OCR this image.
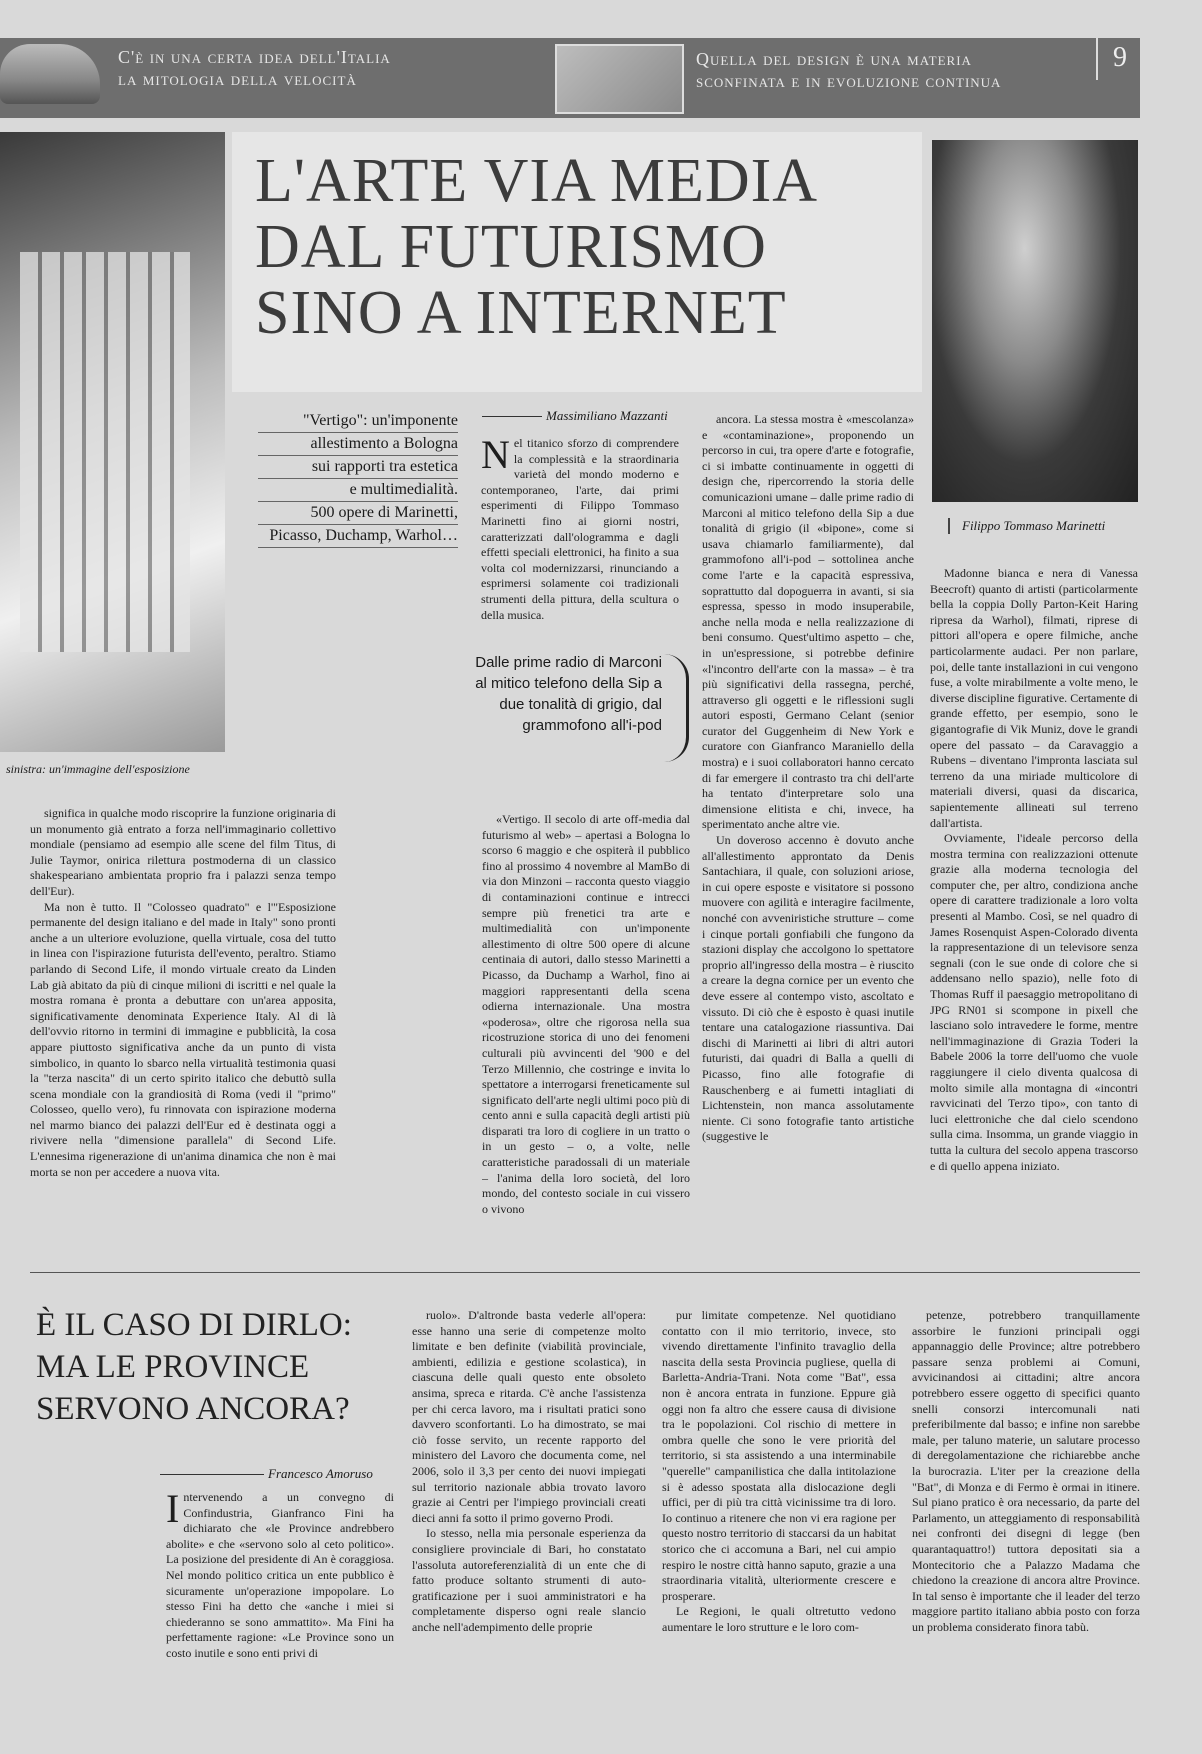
C'è in una certa idea dell'Italia
la mitologia della velocità
Quella del design è una materia
sconfinata e in evoluzione continua
9
sinistra: un'immagine dell'esposizione
L'ARTE VIA MEDIA
DAL FUTURISMO
SINO A INTERNET
Filippo Tommaso Marinetti
"Vertigo": un'imponente
allestimento a Bologna
sui rapporti tra estetica
e multimedialità.
500 opere di Marinetti,
Picasso, Duchamp, Warhol…
Massimiliano Mazzanti
Nel titanico sforzo di comprendere la complessità e la straordinaria varietà del mondo moderno e contemporaneo, l'arte, dai primi esperimenti di Filippo Tommaso Marinetti fino ai giorni nostri, caratterizzati dall'ologramma e dagli effetti speciali elettronici, ha finito a sua volta col modernizzarsi, rinunciando a esprimersi solamente coi tradizionali strumenti della pittura, della scultura o della musica.
Dalle prime radio di Marconi al mitico telefono della Sip a due tonalità di grigio, dal grammofono all'i-pod

ancora. La stessa mostra è «mescolanza» e «contaminazione», proponendo un percorso in cui, tra opere d'arte e fotografie, ci si imbatte continuamente in oggetti di design che, ripercorrendo la storia delle comunicazioni umane – dalle prime radio di Marconi al mitico telefono della Sip a due tonalità di grigio (il «bipone», come si usava chiamarlo familiarmente), dal grammofono all'i-pod – sottolinea anche come l'arte e la capacità espressiva, soprattutto dal dopoguerra in avanti, si sia espressa, spesso in modo insuperabile, anche nella moda e nella realizzazione di beni consumo. Quest'ultimo aspetto – che, in un'espressione, si potrebbe definire «l'incontro dell'arte con la massa» – è tra più significativi della rassegna, perché, attraverso gli oggetti e le riflessioni sugli autori esposti, Germano Celant (senior curator del Guggenheim di New York e curatore con Gianfranco Maraniello della mostra) e i suoi collaboratori hanno cercato di far emergere il contrasto tra chi dell'arte ha tentato d'interpretare solo una dimensione elitista e chi, invece, ha sperimentato anche altre vie.

Un doveroso accenno è dovuto anche all'allestimento approntato da Denis Santachiara, il quale, con soluzioni ariose, in cui opere esposte e visitatore si possono muovere con agilità e interagire facilmente, nonché con avveniristiche strutture – come i cinque portali gonfiabili che fungono da stazioni display che accolgono lo spettatore proprio all'ingresso della mostra – è riuscito a creare la degna cornice per un evento che deve essere al contempo visto, ascoltato e vissuto. Di ciò che è esposto è quasi inutile tentare una catalogazione riassuntiva. Dai dischi di Marinetti ai libri di altri autori futuristi, dai quadri di Balla a quelli di Picasso, fino alle fotografie di Rauschenberg e ai fumetti intagliati di Lichtenstein, non manca assolutamente niente. Ci sono fotografie tanto artistiche (suggestive le

Madonne bianca e nera di Vanessa Beecroft) quanto di artisti (particolarmente bella la coppia Dolly Parton-Keit Haring ripresa da Warhol), filmati, riprese di pittori all'opera e opere filmiche, anche particolarmente audaci. Per non parlare, poi, delle tante installazioni in cui vengono fuse, a volte mirabilmente a volte meno, le diverse discipline figurative. Certamente di grande effetto, per esempio, sono le gigantografie di Vik Muniz, dove le grandi opere del passato – da Caravaggio a Rubens – diventano l'impronta lasciata sul terreno da una miriade multicolore di materiali diversi, quasi da discarica, sapientemente allineati sul terreno dall'artista.

Ovviamente, l'ideale percorso della mostra termina con realizzazioni ottenute grazie alla moderna tecnologia del computer che, per altro, condiziona anche opere di carattere tradizionale a loro volta presenti al Mambo. Così, se nel quadro di James Rosenquist Aspen-Colorado diventa la rappresentazione di un televisore senza segnali (con le sue onde di colore che si addensano nello spazio), nelle foto di Thomas Ruff il paesaggio metropolitano di JPG RN01 si scompone in pixell che lasciano solo intravedere le forme, mentre nell'immaginazione di Grazia Toderi la Babele 2006 la torre dell'uomo che vuole raggiungere il cielo diventa qualcosa di molto simile alla montagna di «incontri ravvicinati del Terzo tipo», con tanto di luci elettroniche che dal cielo scendono sulla cima. Insomma, un grande viaggio in tutta la cultura del secolo appena trascorso e di quello appena iniziato.

significa in qualche modo riscoprire la funzione originaria di un monumento già entrato a forza nell'immaginario collettivo mondiale (pensiamo ad esempio alle scene del film Titus, di Julie Taymor, onirica rilettura postmoderna di un classico shakespeariano ambientata proprio fra i palazzi senza tempo dell'Eur).

Ma non è tutto. Il "Colosseo quadrato" e l'"Esposizione permanente del design italiano e del made in Italy" sono pronti anche a un ulteriore evoluzione, quella virtuale, cosa del tutto in linea con l'ispirazione futurista dell'evento, peraltro. Stiamo parlando di Second Life, il mondo virtuale creato da Linden Lab già abitato da più di cinque milioni di iscritti e nel quale la mostra romana è pronta a debuttare con un'area apposita, significativamente denominata Experience Italy. Al di là dell'ovvio ritorno in termini di immagine e pubblicità, la cosa appare piuttosto significativa anche da un punto di vista simbolico, in quanto lo sbarco nella virtualità testimonia quasi la "terza nascita" di un certo spirito italico che debuttò sulla scena mondiale con la grandiosità di Roma (vedi il "primo" Colosseo, quello vero), fu rinnovata con ispirazione moderna nel marmo bianco dei palazzi dell'Eur ed è destinata oggi a rivivere nella "dimensione parallela" di Second Life. L'ennesima rigenerazione di un'anima dinamica che non è mai morta se non per accedere a nuova vita.

«Vertigo. Il secolo di arte off-media dal futurismo al web» – apertasi a Bologna lo scorso 6 maggio e che ospiterà il pubblico fino al prossimo 4 novembre al MamBo di via don Minzoni – racconta questo viaggio di contaminazioni continue e intrecci sempre più frenetici tra arte e multimedialità con un'imponente allestimento di oltre 500 opere di alcune centinaia di autori, dallo stesso Marinetti a Picasso, da Duchamp a Warhol, fino ai maggiori rappresentanti della scena odierna internazionale. Una mostra «poderosa», oltre che rigorosa nella sua ricostruzione storica di uno dei fenomeni culturali più avvincenti del '900 e del Terzo Millennio, che costringe e invita lo spettatore a interrogarsi freneticamente sul significato dell'arte negli ultimi poco più di cento anni e sulla capacità degli artisti più disparati tra loro di cogliere in un tratto o in un gesto – o, a volte, nelle caratteristiche paradossali di un materiale – l'anima della loro società, del loro mondo, del contesto sociale in cui vissero o vivono

È IL CASO DI DIRLO:
MA LE PROVINCE
SERVONO ANCORA?
Francesco Amoruso
Intervenendo a un convegno di Confindustria, Gianfranco Fini ha dichiarato che «le Province andrebbero abolite» e che «servono solo al ceto politico». La posizione del presidente di An è coraggiosa. Nel mondo politico critica un ente pubblico è sicuramente un'operazione impopolare. Lo stesso Fini ha detto che «anche i miei si chiederanno se sono ammattito». Ma Fini ha perfettamente ragione: «Le Province sono un costo inutile e sono enti privi di

ruolo». D'altronde basta vederle all'opera: esse hanno una serie di competenze molto limitate e ben definite (viabilità provinciale, ambienti, edilizia e gestione scolastica), in ciascuna delle quali questo ente obsoleto ansima, spreca e ritarda. C'è anche l'assistenza per chi cerca lavoro, ma i risultati pratici sono davvero sconfortanti. Lo ha dimostrato, se mai ciò fosse servito, un recente rapporto del ministero del Lavoro che documenta come, nel 2006, solo il 3,3 per cento dei nuovi impiegati sul territorio nazionale abbia trovato lavoro grazie ai Centri per l'impiego provinciali creati dieci anni fa sotto il primo governo Prodi.

Io stesso, nella mia personale esperienza da consigliere provinciale di Bari, ho constatato l'assoluta autoreferenzialità di un ente che di fatto produce soltanto strumenti di auto-gratificazione per i suoi amministratori e ha completamente disperso ogni reale slancio anche nell'adempimento delle proprie

pur limitate competenze. Nel quotidiano contatto con il mio territorio, invece, sto vivendo direttamente l'infinito travaglio della nascita della sesta Provincia pugliese, quella di Barletta-Andria-Trani. Nota come "Bat", essa non è ancora entrata in funzione. Eppure già oggi non fa altro che essere causa di divisione tra le popolazioni. Col rischio di mettere in ombra quelle che sono le vere priorità del territorio, si sta assistendo a una interminabile "querelle" campanilistica che dalla intitolazione si è adesso spostata alla dislocazione degli uffici, per di più tra città vicinissime tra di loro. Io continuo a ritenere che non vi era ragione per questo nostro territorio di staccarsi da un habitat storico che ci accomuna a Bari, nel cui ampio respiro le nostre città hanno saputo, grazie a una straordinaria vitalità, ulteriormente crescere e prosperare.

Le Regioni, le quali oltretutto vedono aumentare le loro strutture e le loro com-

petenze, potrebbero tranquillamente assorbire le funzioni principali oggi appannaggio delle Province; altre potrebbero passare senza problemi ai Comuni, avvicinandosi ai cittadini; altre ancora potrebbero essere oggetto di specifici quanto snelli consorzi intercomunali nati preferibilmente dal basso; e infine non sarebbe male, per taluno materie, un salutare processo di deregolamentazione che richiarebbe anche la burocrazia. L'iter per la creazione della "Bat", di Monza e di Fermo è ormai in itinere. Sul piano pratico è ora necessario, da parte del Parlamento, un atteggiamento di responsabilità nei confronti dei disegni di legge (ben quarantaquattro!) tuttora depositati sia a Montecitorio che a Palazzo Madama che chiedono la creazione di ancora altre Province. In tal senso è importante che il leader del terzo maggiore partito italiano abbia posto con forza un problema considerato finora tabù.
